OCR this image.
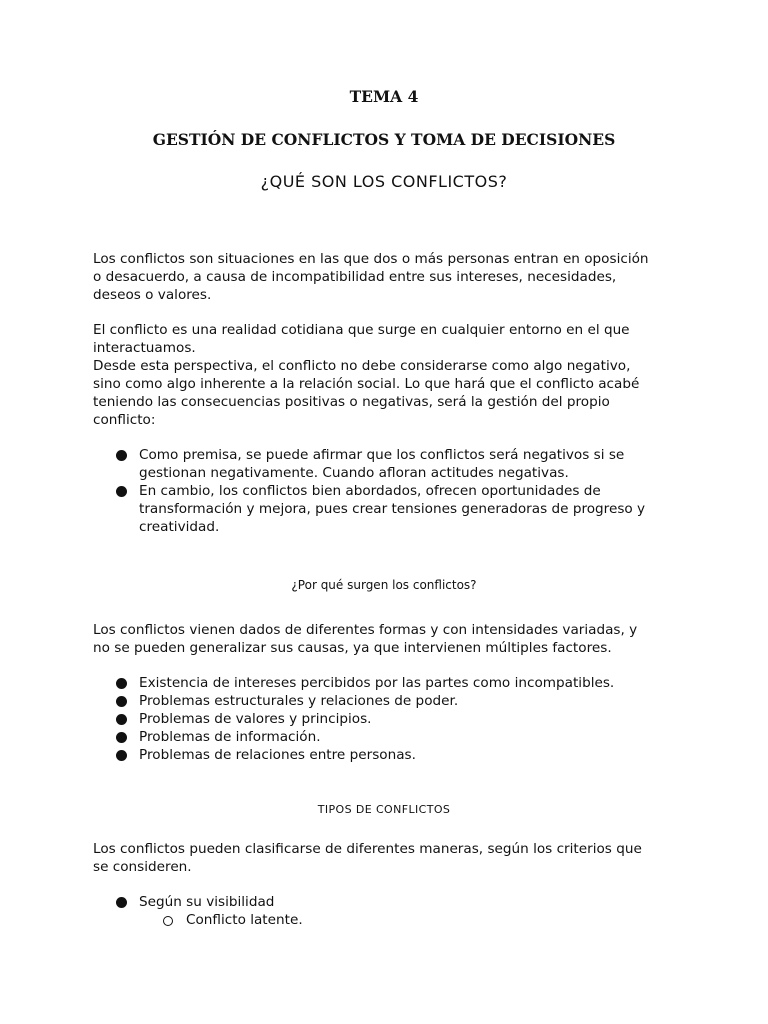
TEMA 4
GESTIÓN DE CONFLICTOS Y TOMA DE DECISIONES
¿QUÉ SON LOS CONFLICTOS?

Los conflictos son situaciones en las que dos o más personas entran en oposición

o desacuerdo, a causa de incompatibilidad entre sus intereses, necesidades,

deseos o valores.

El conflicto es una realidad cotidiana que surge en cualquier entorno en el que

interactuamos.

Desde esta perspectiva, el conflicto no debe considerarse como algo negativo,

sino como algo inherente a la relación social. Lo que hará que el conflicto acabé

teniendo las consecuencias positivas o negativas, será la gestión del propio

conflicto:

Como premisa, se puede afirmar que los conflictos será negativos si se
gestionan negativamente. Cuando afloran actitudes negativas.
En cambio, los conflictos bien abordados, ofrecen oportunidades de
transformación y mejora, pues crear tensiones generadoras de progreso y
creatividad.
¿Por qué surgen los conflictos?

Los conflictos vienen dados de diferentes formas y con intensidades variadas, y

no se pueden generalizar sus causas, ya que intervienen múltiples factores.

Existencia de intereses percibidos por las partes como incompatibles.
Problemas estructurales y relaciones de poder.
Problemas de valores y principios.
Problemas de información.
Problemas de relaciones entre personas.
TIPOS DE CONFLICTOS

Los conflictos pueden clasificarse de diferentes maneras, según los criterios que

se consideren.

Según su visibilidad
Conflicto latente.
